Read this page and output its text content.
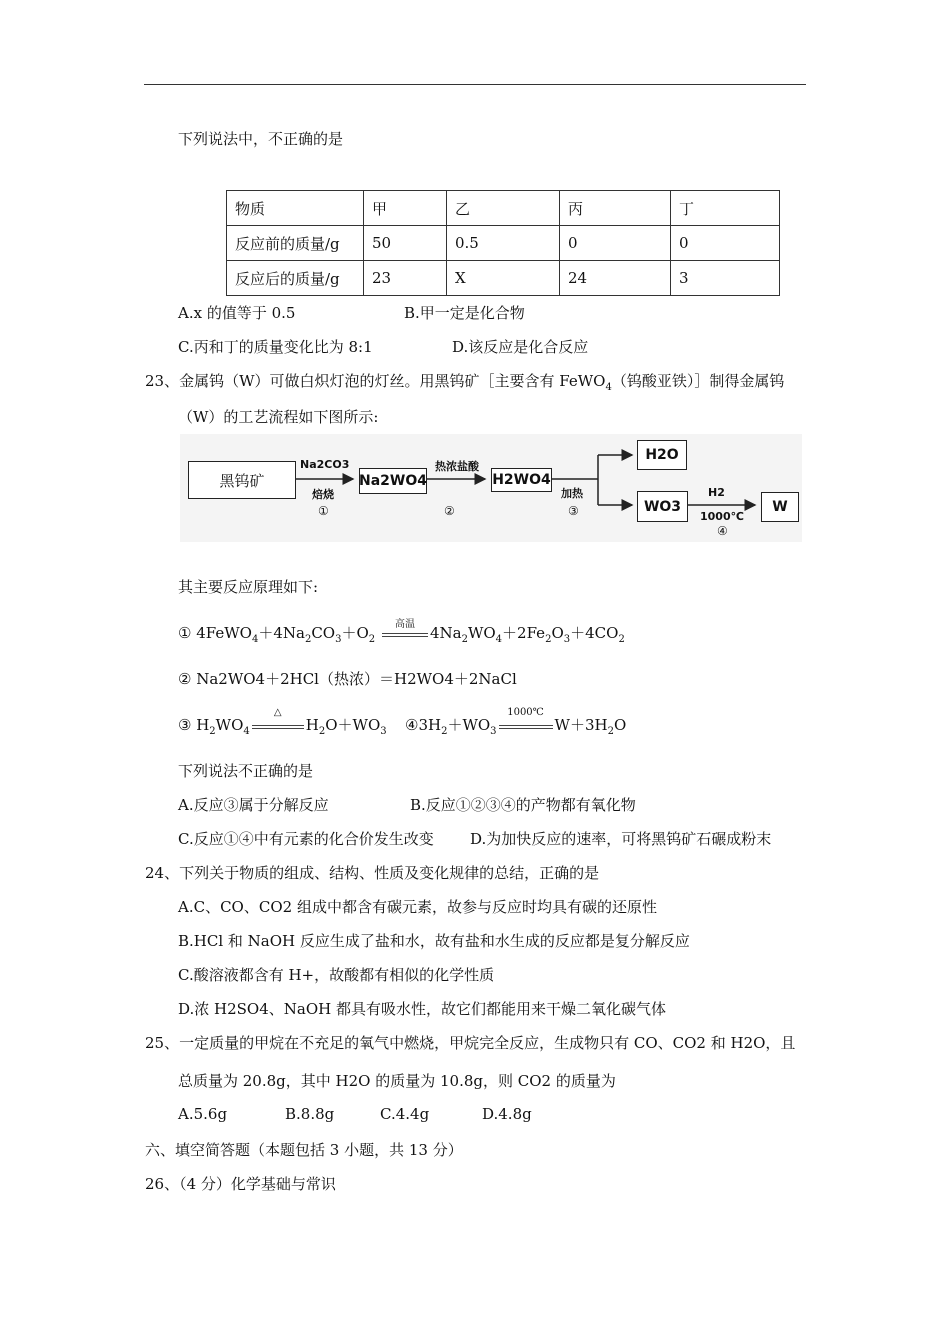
下列说法中，不正确的是
物质	甲	乙	丙	丁
反应前的质量/g	50	0.5	0	0
反应后的质量/g	23	X	24	3
A.x 的值等于 0.5	B.甲一定是化合物
C.丙和丁的质量变化比为 8:1	D.该反应是化合反应
23、金属钨（W）可做白炽灯泡的灯丝。用黑钨矿［主要含有 FeWO$_4$（钨酸亚铁）］制得金属钨
（W）的工艺流程如下图所示:
黑钨矿
Na2CO3
焙烧
①
Na2WO4
热浓盐酸
②
H2WO4
加热
③
H2O
WO3
H2
1000℃
④
W
其主要反应原理如下:
① $4FeWO_4+4Na_2CO_3+O_2$
高温	$4Na_2WO_4+2Fe_2O_3+4CO_2$
② Na2WO4＋2HCl（热浓）＝H2WO4＋2NaCl
③ $H_2WO_4$
△
$H_2O+WO_3$ $④3H_2+WO_3$
1000℃
$W+3H_2O$
下列说法不正确的是
A.反应③属于分解反应	B.反应①②③④的产物都有氧化物
C.反应①④中有元素的化合价发生改变 D.为加快反应的速率，可将黑钨矿石碾成粉末
24、下列关于物质的组成、结构、性质及变化规律的总结，正确的是
A.C、CO、CO2 组成中都含有碳元素，故参与反应时均具有碳的还原性
B.HCl 和 NaOH 反应生成了盐和水，故有盐和水生成的反应都是复分解反应
C.酸溶液都含有 H+，故酸都有相似的化学性质
D.浓 H2SO4、NaOH 都具有吸水性，故它们都能用来干燥二氧化碳气体
25、一定质量的甲烷在不充足的氧气中燃烧，甲烷完全反应，生成物只有 CO、CO2 和 H2O，且
总质量为 20.8g，其中 H2O 的质量为 10.8g，则 CO2 的质量为
A.5.6g	B.8.8g	C.4.4g	D.4.8g
六、填空简答题（本题包括 3 小题，共 13 分）
26、（4 分）化学基础与常识
